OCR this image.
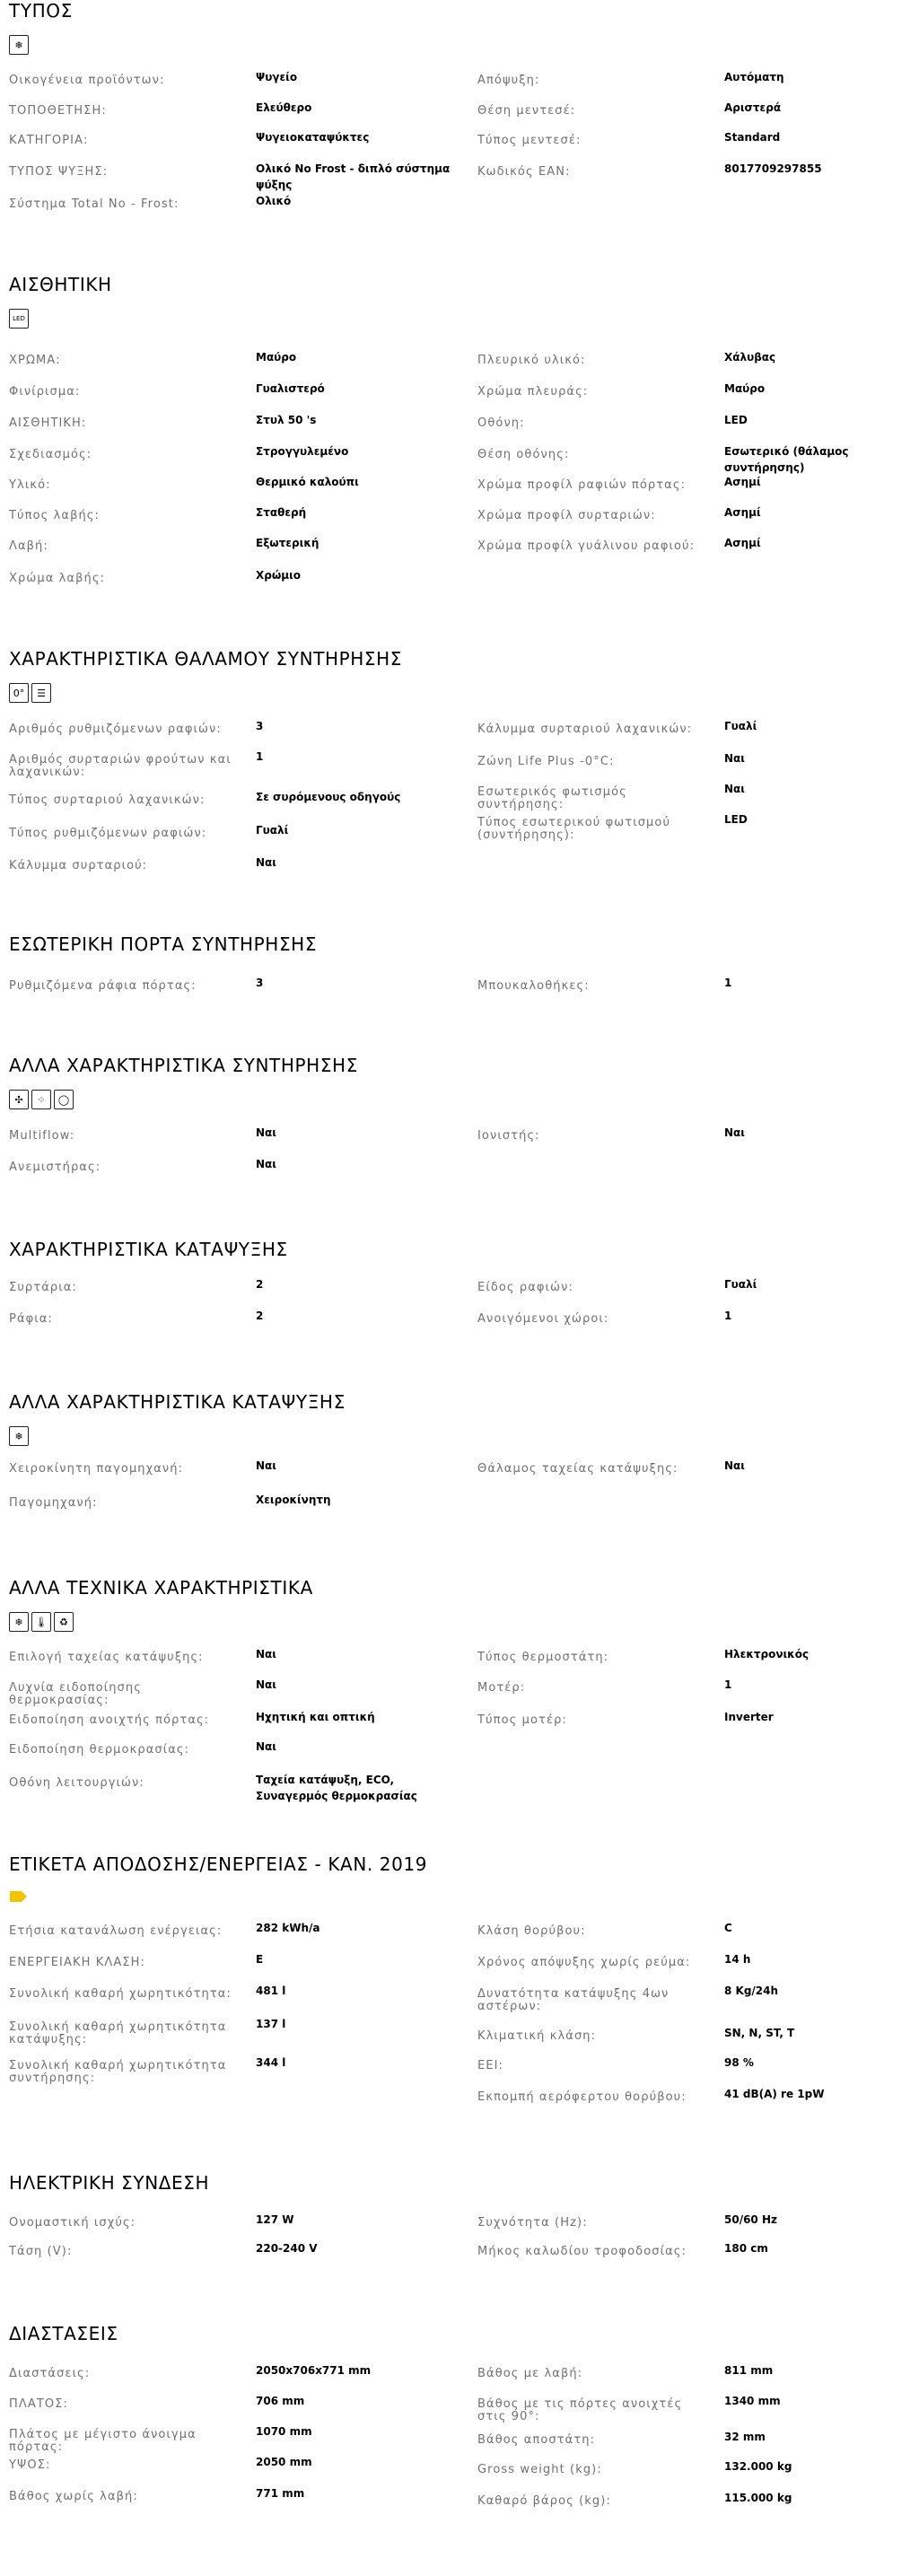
ΤΥΠΟΣ
❄
Οικογένεια προϊόντων:	Ψυγείο
ΤΟΠΟΘΕΤΗΣΗ:	Ελεύθερο
ΚΑΤΗΓΟΡΙΑ:	Ψυγειοκαταψύκτες
ΤΥΠΟΣ ΨΥΞΗΣ:	Ολικό No Frost - διπλό σύστημα ψύξης
Σύστημα Total No - Frost:	Ολικό
Απόψυξη:	Αυτόματη
Θέση μεντεσέ:	Αριστερά
Τύπος μεντεσέ:	Standard
Κωδικός EAN:	8017709297855
ΑΙΣΘΗΤΙΚΗ
LED
ΧΡΩΜΑ:	Μαύρο
Φινίρισμα:	Γυαλιστερό
ΑΙΣΘΗΤΙΚΗ:	Στυλ 50 's
Σχεδιασμός:	Στρογγυλεμένο
Υλικό:	Θερμικό καλούπι
Τύπος λαβής:	Σταθερή
Λαβή:	Εξωτερική
Χρώμα λαβής:	Χρώμιο
Πλευρικό υλικό:	Χάλυβας
Χρώμα πλευράς:	Μαύρο
Οθόνη:	LED
Θέση οθόνης:	Εσωτερικό (θάλαμος συντήρησης)
Χρώμα προφίλ ραφιών πόρτας:	Ασημί
Χρώμα προφίλ συρταριών:	Ασημί
Χρώμα προφίλ γυάλινου ραφιού:	Ασημί
ΧΑΡΑΚΤΗΡΙΣΤΙΚΑ ΘΑΛΑΜΟΥ ΣΥΝΤΗΡΗΣΗΣ
0°	☰
Αριθμός ρυθμιζόμενων ραφιών:	3
Αριθμός συρταριών φρούτων και λαχανικών:
1
Τύπος συρταριού λαχανικών:	Σε συρόμενους οδηγούς
Τύπος ρυθμιζόμενων ραφιών:	Γυαλί
Κάλυμμα συρταριού:	Ναι
Κάλυμμα συρταριού λαχανικών:	Γυαλί
Ζώνη Life Plus -0°C:	Ναι
Εσωτερικός φωτισμός συντήρησης:
Ναι
Τύπος εσωτερικού φωτισμού (συντήρησης):
LED
ΕΣΩΤΕΡΙΚΗ ΠΟΡΤΑ ΣΥΝΤΗΡΗΣΗΣ
Ρυθμιζόμενα ράφια πόρτας:	3	Μπουκαλοθήκες:	1
ΑΛΛΑ ΧΑΡΑΚΤΗΡΙΣΤΙΚΑ ΣΥΝΤΗΡΗΣΗΣ
✣	⁘	◯
Multiflow:	Ναι
Ανεμιστήρας:	Ναι
Ιονιστής:	Ναι
ΧΑΡΑΚΤΗΡΙΣΤΙΚΑ ΚΑΤΑΨΥΞΗΣ
Συρτάρια:	2
Ράφια:	2
Είδος ραφιών:	Γυαλί
Ανοιγόμενοι χώροι:	1
ΑΛΛΑ ΧΑΡΑΚΤΗΡΙΣΤΙΚΑ ΚΑΤΑΨΥΞΗΣ
❄
Χειροκίνητη παγομηχανή:	Ναι
Παγομηχανή:	Χειροκίνητη
Θάλαμος ταχείας κατάψυξης:	Ναι
ΑΛΛΑ ΤΕΧΝΙΚΑ ΧΑΡΑΚΤΗΡΙΣΤΙΚΑ
❄	🌡	♻
Επιλογή ταχείας κατάψυξης:	Ναι
Λυχνία ειδοποίησης θερμοκρασίας:
Ναι
Ειδοποίηση ανοιχτής πόρτας:	Ηχητική και οπτική
Ειδοποίηση θερμοκρασίας:	Ναι
Οθόνη λειτουργιών:	Ταχεία κατάψυξη, ECO, Συναγερμός θερμοκρασίας
Τύπος θερμοστάτη:	Ηλεκτρονικός
Μοτέρ:	1
Τύπος μοτέρ:	Inverter
ΕΤΙΚΕΤΑ ΑΠΟΔΟΣΗΣ/ΕΝΕΡΓΕΙΑΣ - ΚΑΝ. 2019
Ετήσια κατανάλωση ενέργειας:	282 kWh/a
ΕΝΕΡΓΕΙΑΚΗ ΚΛΑΣΗ:	E
Συνολική καθαρή χωρητικότητα:	481 l
Συνολική καθαρή χωρητικότητα κατάψυξης:
137 l
Συνολική καθαρή χωρητικότητα συντήρησης:
344 l
Κλάση θορύβου:	C
Χρόνος απόψυξης χωρίς ρεύμα:	14 h
Δυνατότητα κατάψυξης 4ων αστέρων:
8 Kg/24h
Κλιματική κλάση:	SN, N, ST, T
EEI:	98 %
Εκπομπή αερόφερτου θορύβου:	41 dB(A) re 1pW
ΗΛΕΚΤΡΙΚΗ ΣΥΝΔΕΣΗ
Ονομαστική ισχύς:	127 W
Τάση (V):	220-240 V
Συχνότητα (Hz):	50/60 Hz
Μήκος καλωδίου τροφοδοσίας:	180 cm
ΔΙΑΣΤΑΣΕΙΣ
Διαστάσεις:	2050x706x771 mm
ΠΛΑΤΟΣ:	706 mm
Πλάτος με μέγιστο άνοιγμα πόρτας:
1070 mm
ΥΨΟΣ:	2050 mm
Βάθος χωρίς λαβή:	771 mm
Βάθος με λαβή:	811 mm
Βάθος με τις πόρτες ανοιχτές στις 90°:
1340 mm
Βάθος αποστάτη:	32 mm
Gross weight (kg):	132.000 kg
Καθαρό βάρος (kg):	115.000 kg
